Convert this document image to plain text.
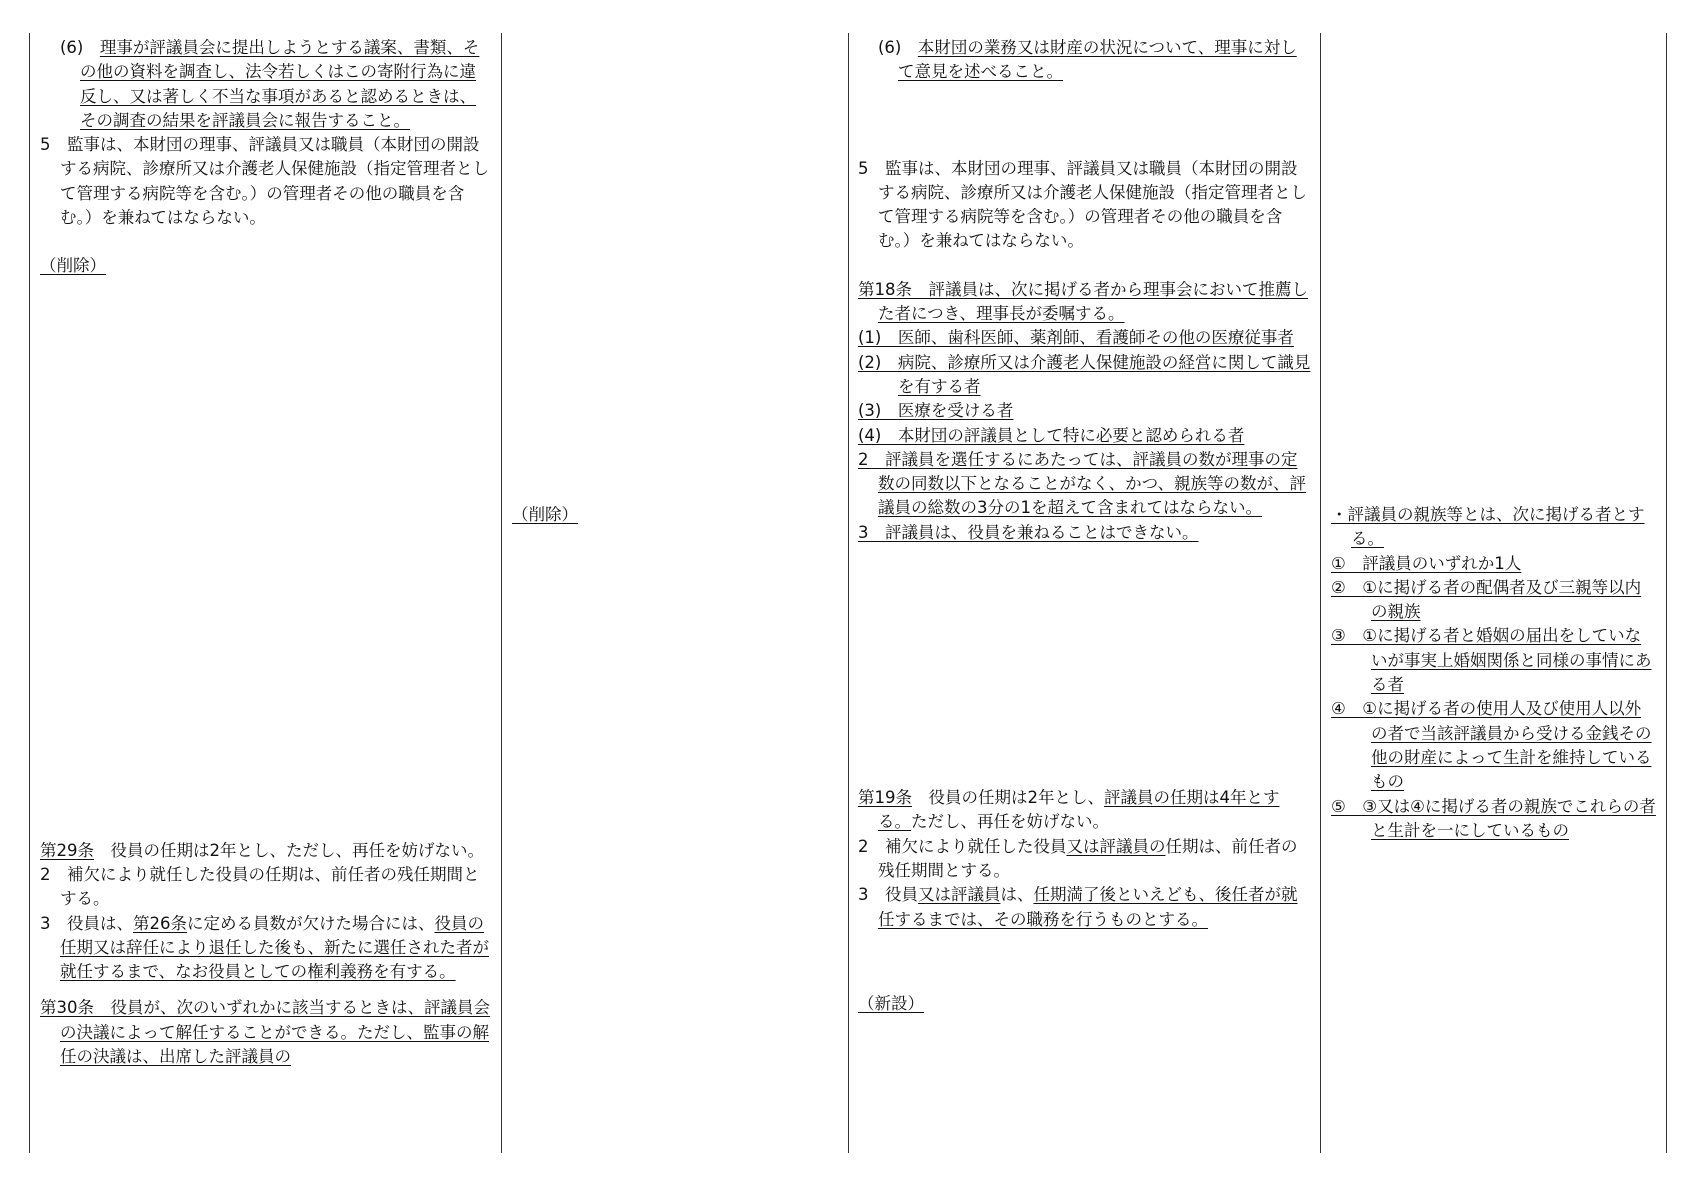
(6)　理事が評議員会に提出しようとする議案、書類、その他の資料を調査し、法令若しくはこの寄附行為に違反し、又は著しく不当な事項があると認めるときは、その調査の結果を評議員会に報告すること。

5　監事は、本財団の理事、評議員又は職員（本財団の開設する病院、診療所又は介護老人保健施設（指定管理者として管理する病院等を含む。）の管理者その他の職員を含む。）を兼ねてはならない。

（削除）

第29条　役員の任期は2年とし、ただし、再任を妨げない。

2　補欠により就任した役員の任期は、前任者の残任期間とする。

3　役員は、第26条に定める員数が欠けた場合には、役員の任期又は辞任により退任した後も、新たに選任された者が就任するまで、なお役員としての権利義務を有する。

第30条　役員が、次のいずれかに該当するときは、評議員会の決議によって解任することができる。ただし、監事の解任の決議は、出席した評議員の

（削除）

(6)　本財団の業務又は財産の状況について、理事に対して意見を述べること。

5　監事は、本財団の理事、評議員又は職員（本財団の開設する病院、診療所又は介護老人保健施設（指定管理者として管理する病院等を含む。）の管理者その他の職員を含む。）を兼ねてはならない。

第18条　評議員は、次に掲げる者から理事会において推薦した者につき、理事長が委嘱する。

(1)　医師、歯科医師、薬剤師、看護師その他の医療従事者

(2)　病院、診療所又は介護老人保健施設の経営に関して識見を有する者

(3)　医療を受ける者

(4)　本財団の評議員として特に必要と認められる者

2　評議員を選任するにあたっては、評議員の数が理事の定数の同数以下となることがなく、かつ、親族等の数が、評議員の総数の3分の1を超えて含まれてはならない。

3　評議員は、役員を兼ねることはできない。

第19条　役員の任期は2年とし、評議員の任期は4年とする。ただし、再任を妨げない。

2　補欠により就任した役員又は評議員の任期は、前任者の残任期間とする。

3　役員又は評議員は、任期満了後といえども、後任者が就任するまでは、その職務を行うものとする。

（新設）

・評議員の親族等とは、次に掲げる者とする。

①　評議員のいずれか1人

②　①に掲げる者の配偶者及び三親等以内の親族

③　①に掲げる者と婚姻の届出をしていないが事実上婚姻関係と同様の事情にある者

④　①に掲げる者の使用人及び使用人以外の者で当該評議員から受ける金銭その他の財産によって生計を維持しているもの

⑤　③又は④に掲げる者の親族でこれらの者と生計を一にしているもの
